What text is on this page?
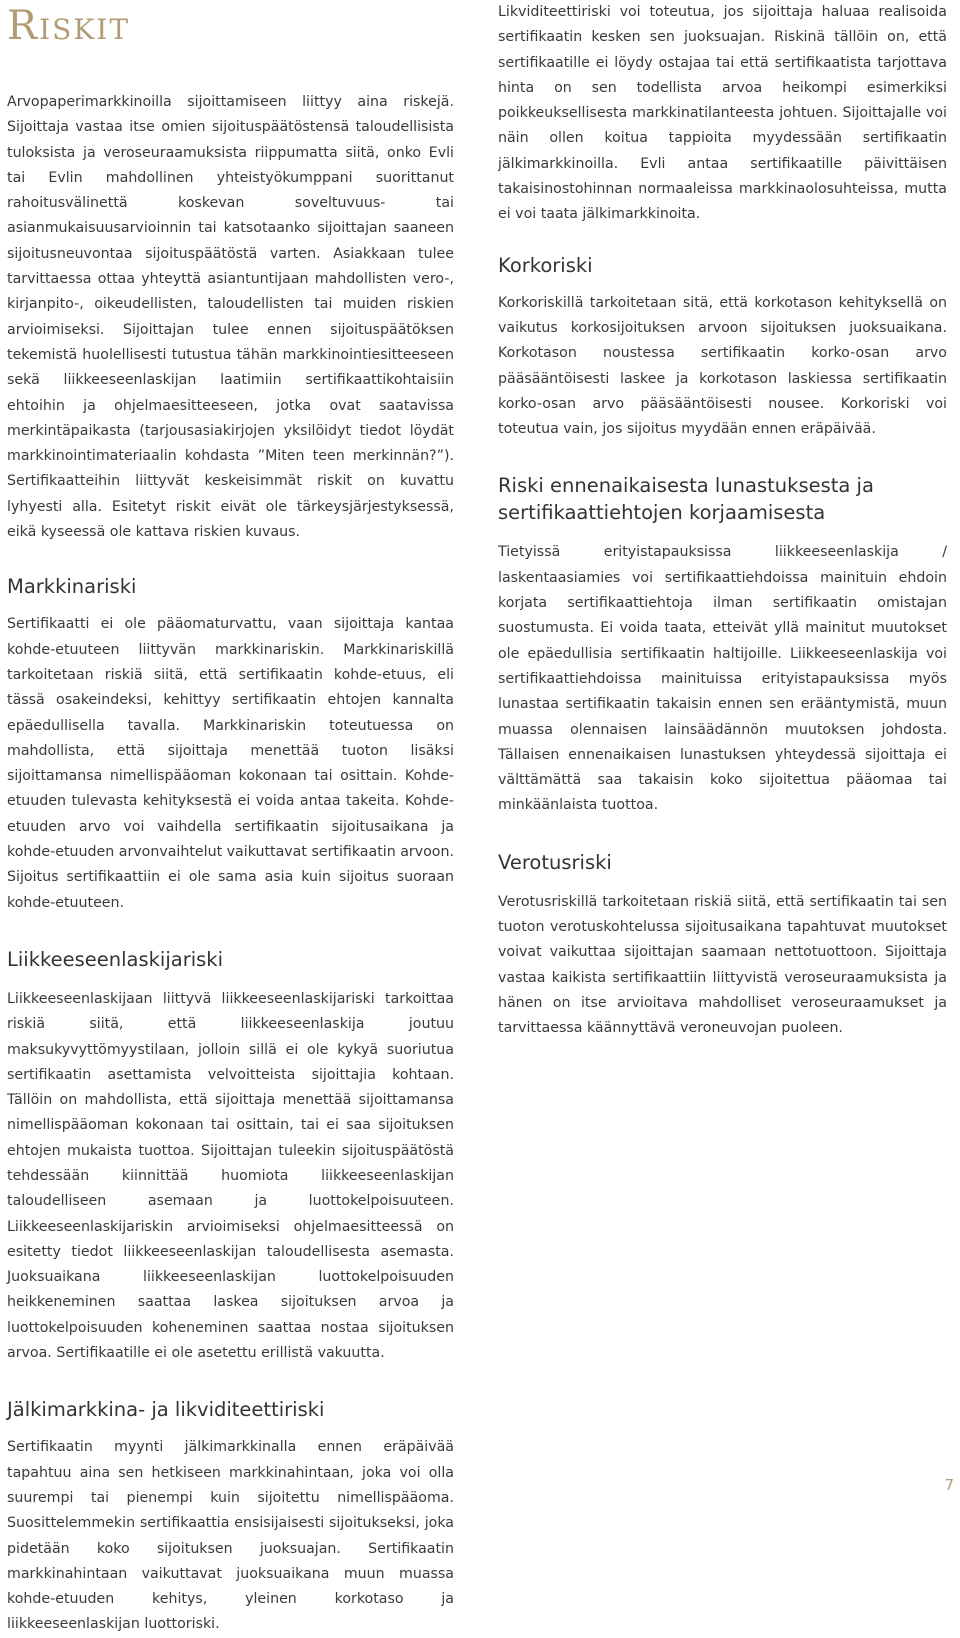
Riskit

Arvopaperimarkkinoilla sijoittamiseen liittyy aina riskejä. Sijoittaja vastaa itse omien sijoituspäätöstensä taloudellisista tuloksista ja veroseuraamuksista riippumatta siitä, onko Evli tai Evlin mahdollinen yhteistyökumppani suorittanut rahoitusvälinettä koskevan soveltuvuus- tai asianmukaisuusarvioinnin tai katsotaanko sijoittajan saaneen sijoitusneuvontaa sijoituspäätöstä varten. Asiakkaan tulee tarvittaessa ottaa yhteyttä asiantuntijaan mahdollisten vero-, kirjanpito-, oikeudellisten, taloudellisten tai muiden riskien arvioimiseksi. Sijoittajan tulee ennen sijoituspäätöksen tekemistä huolellisesti tutustua tähän markkinointiesitteeseen sekä liikkeeseenlaskijan laatimiin sertifikaattikohtaisiin ehtoihin ja ohjelmaesitteeseen, jotka ovat saatavissa merkintäpaikasta (tarjousasiakirjojen yksilöidyt tiedot löydät markkinointimateriaalin kohdasta ”Miten teen merkinnän?”). Sertifikaatteihin liittyvät keskeisimmät riskit on kuvattu lyhyesti alla. Esitetyt riskit eivät ole tärkeysjärjestyksessä, eikä kyseessä ole kattava riskien kuvaus.

Markkinariski

Sertifikaatti ei ole pääomaturvattu, vaan sijoittaja kantaa kohde-etuuteen liittyvän markkinariskin. Markkinariskillä tarkoitetaan riskiä siitä, että sertifikaatin kohde-etuus, eli tässä osakeindeksi, kehittyy sertifikaatin ehtojen kannalta epäedullisella tavalla. Markkinariskin toteutuessa on mahdollista, että sijoittaja menettää tuoton lisäksi sijoittamansa nimellispääoman kokonaan tai osittain. Kohde-etuuden tulevasta kehityksestä ei voida antaa takeita. Kohde-etuuden arvo voi vaihdella sertifikaatin sijoitusaikana ja kohde-etuuden arvonvaihtelut vaikuttavat sertifikaatin arvoon. Sijoitus sertifikaattiin ei ole sama asia kuin sijoitus suoraan kohde-etuuteen.

Liikkeeseenlaskijariski

Liikkeeseenlaskijaan liittyvä liikkeeseenlaskijariski tarkoittaa riskiä siitä, että liikkeeseenlaskija joutuu maksukyvyttömyystilaan, jolloin sillä ei ole kykyä suoriutua sertifikaatin asettamista velvoitteista sijoittajia kohtaan. Tällöin on mahdollista, että sijoittaja menettää sijoittamansa nimellispääoman kokonaan tai osittain, tai ei saa sijoituksen ehtojen mukaista tuottoa. Sijoittajan tuleekin sijoituspäätöstä tehdessään kiinnittää huomiota liikkeeseenlaskijan taloudelliseen asemaan ja luottokelpoisuuteen. Liikkeeseenlaskijariskin arvioimiseksi ohjelmaesitteessä on esitetty tiedot liikkeeseenlaskijan taloudellisesta asemasta. Juoksuaikana liikkeeseenlaskijan luottokelpoisuuden heikkeneminen saattaa laskea sijoituksen arvoa ja luottokelpoisuuden koheneminen saattaa nostaa sijoituksen arvoa. Sertifikaatille ei ole asetettu erillistä vakuutta.

Jälkimarkkina- ja likviditeettiriski

Sertifikaatin myynti jälkimarkkinalla ennen eräpäivää tapahtuu aina sen hetkiseen markkinahintaan, joka voi olla suurempi tai pienempi kuin sijoitettu nimellispääoma. Suosittelemmekin sertifikaattia ensisijaisesti sijoitukseksi, joka pidetään koko sijoituksen juoksuajan. Sertifikaatin markkinahintaan vaikuttavat juoksuaikana muun muassa kohde-etuuden kehitys, yleinen korkotaso ja liikkeeseenlaskijan luottoriski.

Likviditeettiriski voi toteutua, jos sijoittaja haluaa realisoida sertifikaatin kesken sen juoksuajan. Riskinä tällöin on, että sertifikaatille ei löydy ostajaa tai että sertifikaatista tarjottava hinta on sen todellista arvoa heikompi esimerkiksi poikkeuksellisesta markkinatilanteesta johtuen. Sijoittajalle voi näin ollen koitua tappioita myydessään sertifikaatin jälkimarkkinoilla. Evli antaa sertifikaatille päivittäisen takaisinostohinnan normaaleissa markkinaolosuhteissa, mutta ei voi taata jälkimarkkinoita.

Korkoriski

Korkoriskillä tarkoitetaan sitä, että korkotason kehityksellä on vaikutus korkosijoituksen arvoon sijoituksen juoksuaikana. Korkotason noustessa sertifikaatin korko-osan arvo pääsääntöisesti laskee ja korkotason laskiessa sertifikaatin korko-osan arvo pääsääntöisesti nousee. Korkoriski voi toteutua vain, jos sijoitus myydään ennen eräpäivää.

Riski ennenaikaisesta lunastuksesta ja sertifikaattiehtojen korjaamisesta

Tietyissä erityistapauksissa liikkeeseenlaskija / laskentaasiamies voi sertifikaattiehdoissa mainituin ehdoin korjata sertifikaattiehtoja ilman sertifikaatin omistajan suostumusta. Ei voida taata, etteivät yllä mainitut muutokset ole epäedullisia sertifikaatin haltijoille. Liikkeeseenlaskija voi sertifikaattiehdoissa mainituissa erityistapauksissa myös lunastaa sertifikaatin takaisin ennen sen erääntymistä, muun muassa olennaisen lainsäädännön muutoksen johdosta. Tällaisen ennenaikaisen lunastuksen yhteydessä sijoittaja ei välttämättä saa takaisin koko sijoitettua pääomaa tai minkäänlaista tuottoa.

Verotusriski

Verotusriskillä tarkoitetaan riskiä siitä, että sertifikaatin tai sen tuoton verotuskohtelussa sijoitusaikana tapahtuvat muutokset voivat vaikuttaa sijoittajan saamaan nettotuottoon. Sijoittaja vastaa kaikista sertifikaattiin liittyvistä veroseuraamuksista ja hänen on itse arvioitava mahdolliset veroseuraamukset ja tarvittaessa käännyttävä veroneuvojan puoleen.

7
